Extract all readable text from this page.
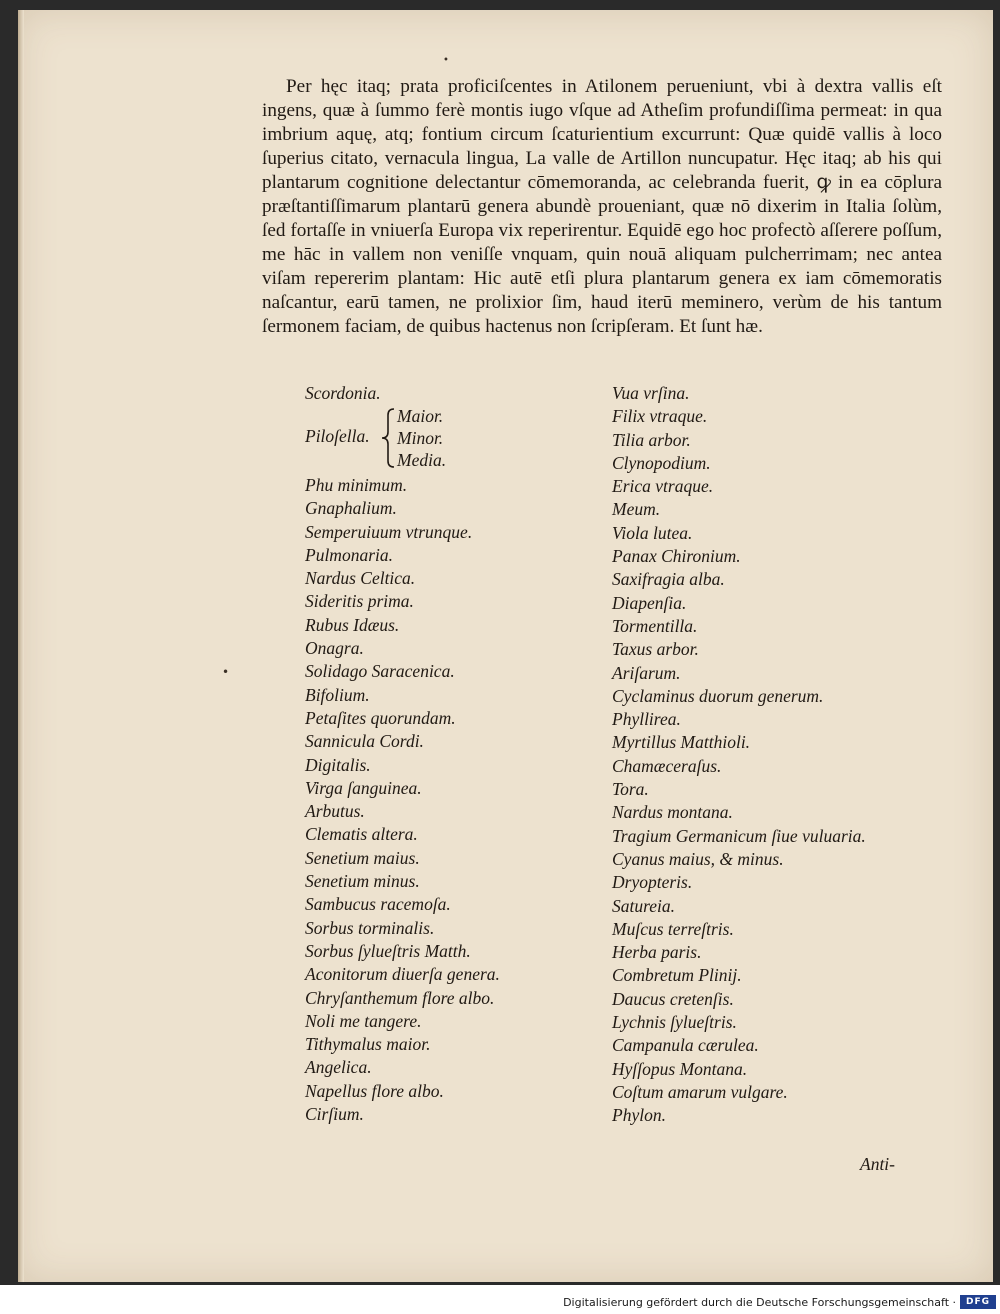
•
•

Per hęc itaq; prata proficiſcentes in Atilonem perueniunt, vbi à dextra vallis eſt ingens, quæ à ſummo ferè montis iugo vſque ad Atheſim profundiſſima permeat: in qua imbrium aquę, atq; fontium circum ſcaturientium excurrunt: Quæ quidē vallis à loco ſuperius citato, vernacula lingua, La valle de Artillon nuncupatur. Hęc itaq; ab his qui plantarum cognitione delectantur cōmemoranda, ac celebranda fuerit, ꝙ in ea cōplura præſtantiſſimarum plantarū genera abundè proueniant, quæ nō dixerim in Italia ſolùm, ſed fortaſſe in vniuerſa Europa vix reperirentur. Equidē ego hoc profectò aſſerere poſſum, me hāc in vallem non veniſſe vnquam, quin nouā aliquam pulcherrimam; nec antea viſam repererim plantam: Hic autē etſi plura plantarum genera ex iam cōmemoratis naſcantur, earū tamen, ne prolixior ſim, haud iterū meminero, verùm de his tantum ſermonem faciam, de quibus hactenus non ſcripſeram. Et ſunt hæ.

Scordonia.
Piloſella.
Maior.
Minor.
Media.
Phu minimum.
Gnaphalium.
Semperuiuum vtrunque.
Pulmonaria.
Nardus Celtica.
Sideritis prima.
Rubus Idæus.
Onagra.
Solidago Saracenica.
Bifolium.
Petaſites quorundam.
Sannicula Cordi.
Digitalis.
Virga ſanguinea.
Arbutus.
Clematis altera.
Senetium maius.
Senetium minus.
Sambucus racemoſa.
Sorbus torminalis.
Sorbus ſylueſtris Matth.
Aconitorum diuerſa genera.
Chryſanthemum flore albo.
Noli me tangere.
Tithymalus maior.
Angelica.
Napellus flore albo.
Cirſium.
Vua vrſina.
Filix vtraque.
Tilia arbor.
Clynopodium.
Erica vtraque.
Meum.
Viola lutea.
Panax Chironium.
Saxifragia alba.
Diapenſia.
Tormentilla.
Taxus arbor.
Ariſarum.
Cyclaminus duorum generum.
Phyllirea.
Myrtillus Matthioli.
Chamæceraſus.
Tora.
Nardus montana.
Tragium Germanicum ſiue vuluaria.
Cyanus maius, & minus.
Dryopteris.
Satureia.
Muſcus terreſtris.
Herba paris.
Combretum Plinij.
Daucus cretenſis.
Lychnis ſylueſtris.
Campanula cærulea.
Hyſſopus Montana.
Coſtum amarum vulgare.
Phylon.
Anti-
Digitalisierung gefördert durch die Deutsche Forschungsgemeinschaft ·	DFG
